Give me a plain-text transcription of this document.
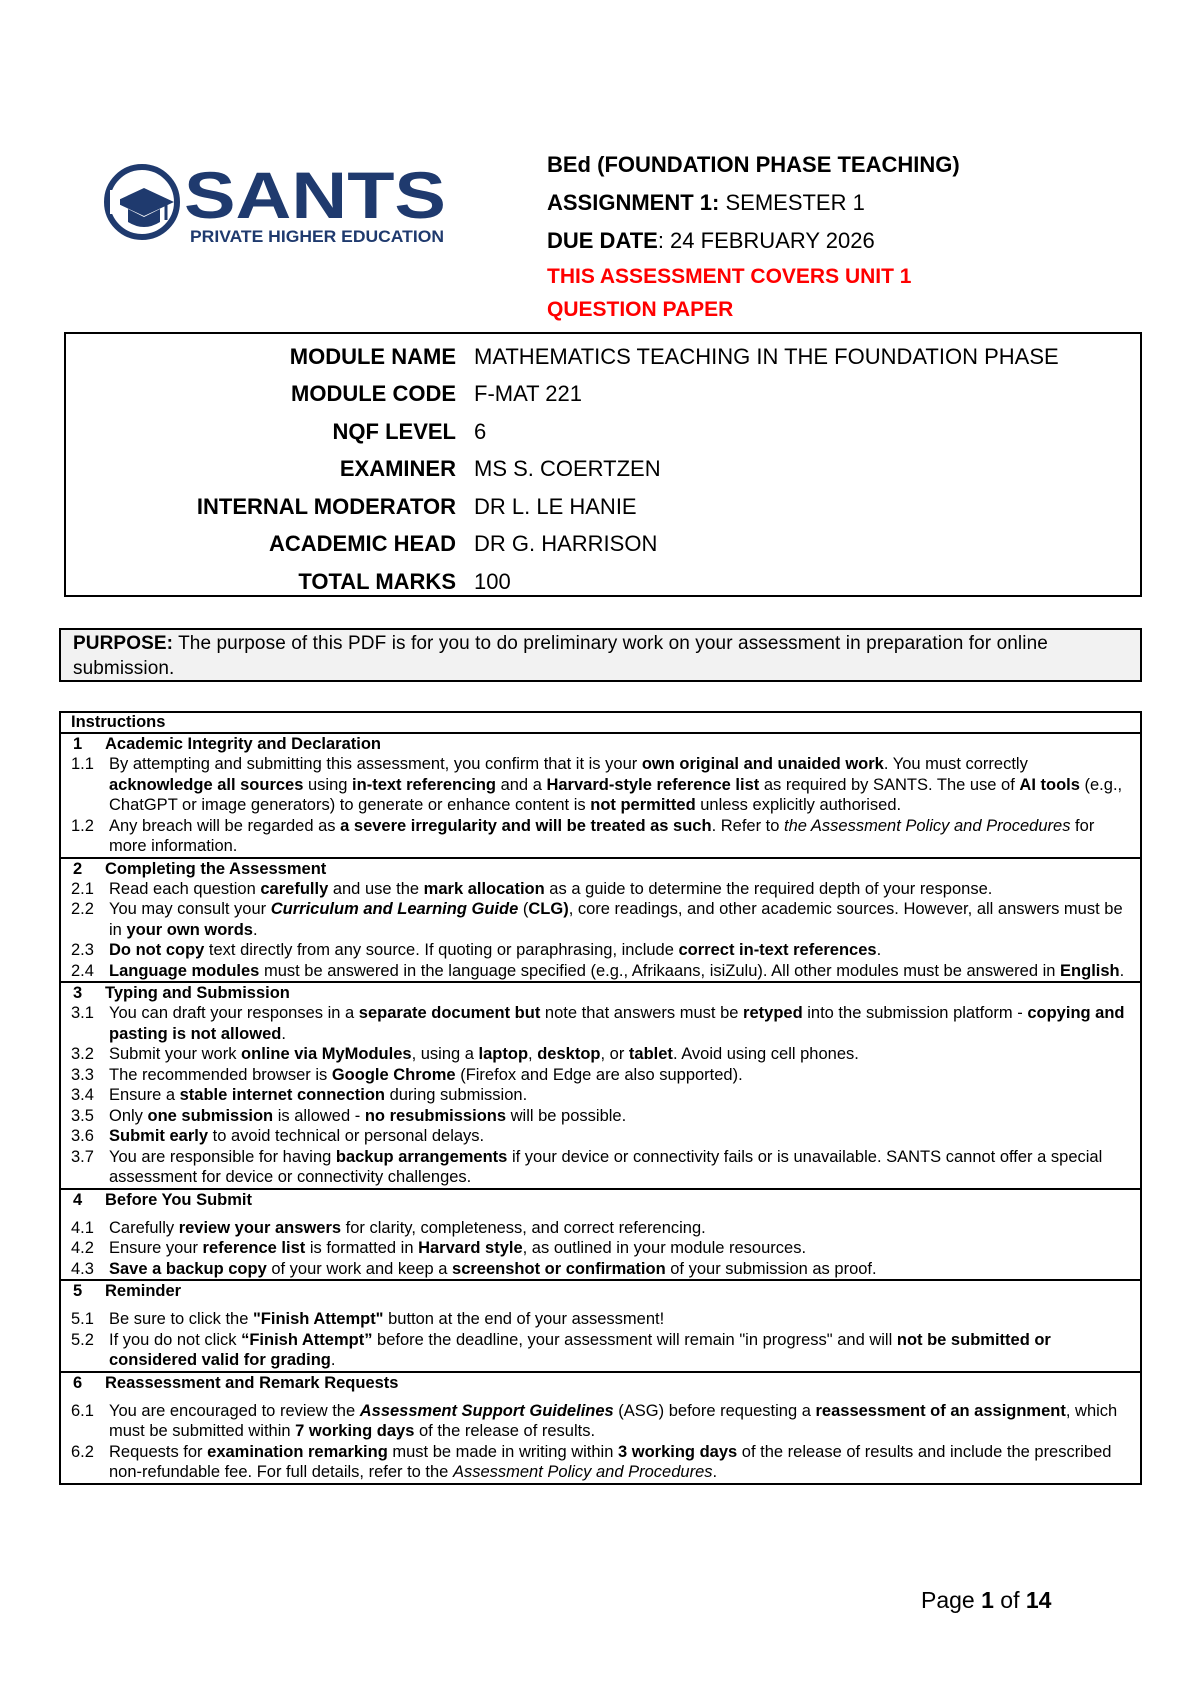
SANTS
PRIVATE HIGHER EDUCATION
BEd (FOUNDATION PHASE TEACHING)
ASSIGNMENT 1: SEMESTER 1
DUE DATE: 24 FEBRUARY 2026
THIS ASSESSMENT COVERS UNIT 1
QUESTION PAPER
MODULE NAME	MATHEMATICS TEACHING IN THE FOUNDATION PHASE
MODULE CODE	F-MAT 221
NQF LEVEL	6
EXAMINER	MS S. COERTZEN
INTERNAL MODERATOR	DR L. LE HANIE
ACADEMIC HEAD	DR G. HARRISON
TOTAL MARKS	100
PURPOSE: The purpose of this PDF is for you to do preliminary work on your assessment in preparation for online submission.
Instructions
1 Academic Integrity and Declaration
1.1 By attempting and submitting this assessment, you confirm that it is your own original and unaided work. You must correctly acknowledge all sources using in-text referencing and a Harvard-style reference list as required by SANTS. The use of AI tools (e.g., ChatGPT or image generators) to generate or enhance content is not permitted unless explicitly authorised.
1.2 Any breach will be regarded as a severe irregularity and will be treated as such. Refer to the Assessment Policy and Procedures for more information.
2 Completing the Assessment
2.1 Read each question carefully and use the mark allocation as a guide to determine the required depth of your response.
2.2 You may consult your Curriculum and Learning Guide (CLG), core readings, and other academic sources. However, all answers must be in your own words.
2.3 Do not copy text directly from any source. If quoting or paraphrasing, include correct in-text references.
2.4 Language modules must be answered in the language specified (e.g., Afrikaans, isiZulu). All other modules must be answered in English.
3 Typing and Submission
3.1 You can draft your responses in a separate document but note that answers must be retyped into the submission platform - copying and pasting is not allowed.
3.2 Submit your work online via MyModules, using a laptop, desktop, or tablet. Avoid using cell phones.
3.3 The recommended browser is Google Chrome (Firefox and Edge are also supported).
3.4 Ensure a stable internet connection during submission.
3.5 Only one submission is allowed - no resubmissions will be possible.
3.6 Submit early to avoid technical or personal delays.
3.7 You are responsible for having backup arrangements if your device or connectivity fails or is unavailable. SANTS cannot offer a special assessment for device or connectivity challenges.
4 Before You Submit
4.1 Carefully review your answers for clarity, completeness, and correct referencing.
4.2 Ensure your reference list is formatted in Harvard style, as outlined in your module resources.
4.3 Save a backup copy of your work and keep a screenshot or confirmation of your submission as proof.
5 Reminder
5.1 Be sure to click the "Finish Attempt" button at the end of your assessment!
5.2 If you do not click “Finish Attempt” before the deadline, your assessment will remain "in progress" and will not be submitted or considered valid for grading.
6 Reassessment and Remark Requests
6.1 You are encouraged to review the Assessment Support Guidelines (ASG) before requesting a reassessment of an assignment, which must be submitted within 7 working days of the release of results.
6.2 Requests for examination remarking must be made in writing within 3 working days of the release of results and include the prescribed non-refundable fee. For full details, refer to the Assessment Policy and Procedures.
Page 1 of 14
